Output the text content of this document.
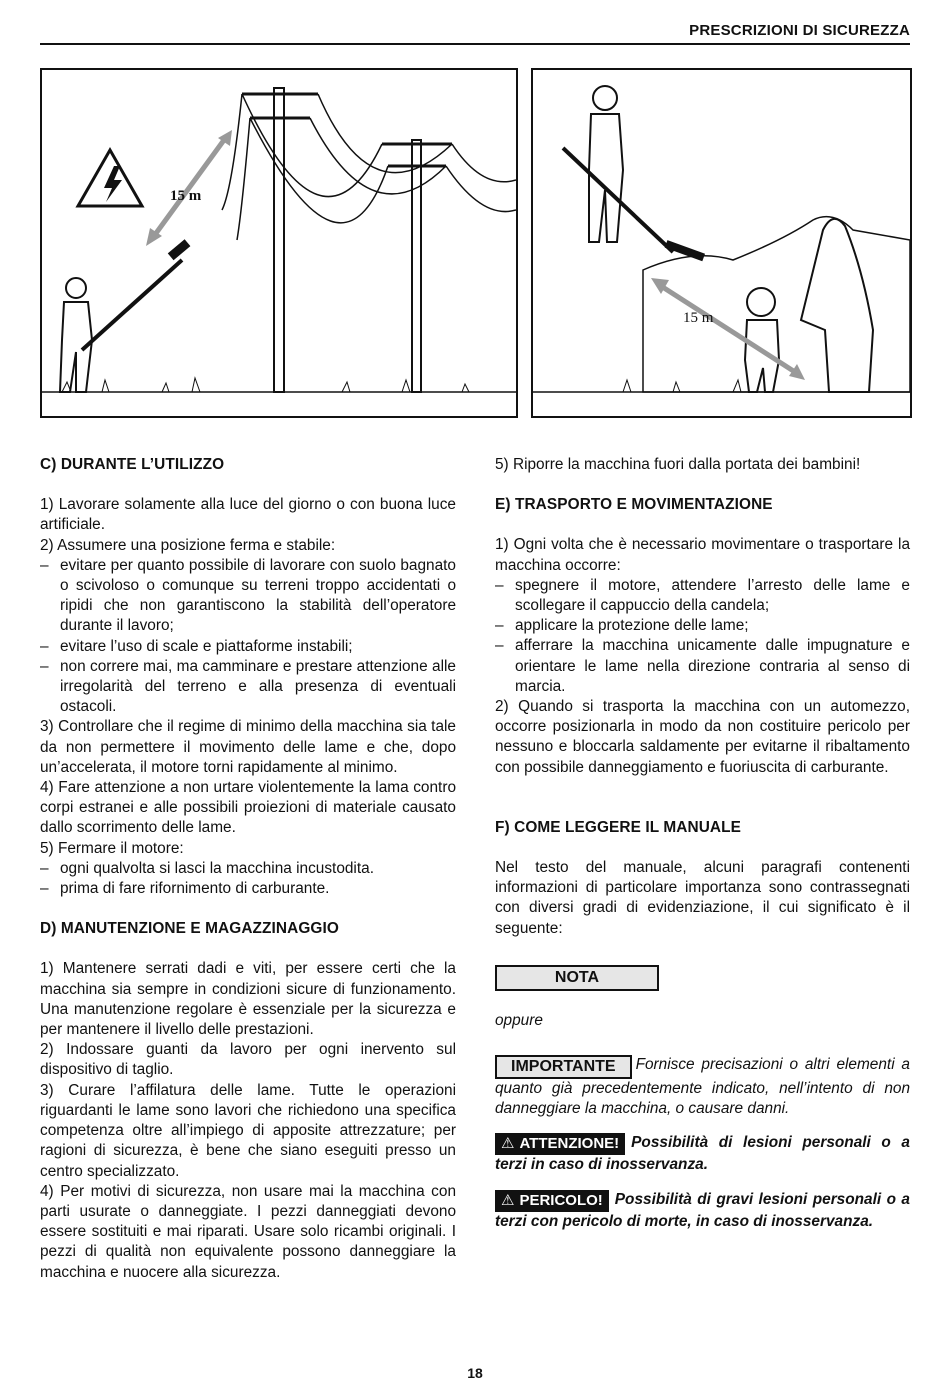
PRESCRIZIONI DI SICUREZZA
15 m
15 m
C) DURANTE L’UTILIZZO

1) Lavorare solamente alla luce del giorno o con buona luce artificiale.

2) Assumere una posizione ferma e stabile:

– evitare per quanto possibile di lavorare con suolo bagnato o scivoloso o comunque su terreni troppo accidentati o ripidi che non garantiscono la stabilità dell’operatore durante il lavoro;
– evitare l’uso di scale e piattaforme instabili;
– non correre mai, ma camminare e prestare attenzione alle irregolarità del terreno e alla presenza di eventuali ostacoli.

3) Controllare che il regime di minimo della macchina sia tale da non permettere il movimento delle lame e che, dopo un’accelerata, il motore torni rapidamente al minimo.

4) Fare attenzione a non urtare violentemente la lama contro corpi estranei e alle possibili proiezioni di materiale causato dallo scorrimento delle lame.

5) Fermare il motore:

– ogni qualvolta si lasci la macchina incustodita.
– prima di fare rifornimento di carburante.
D) MANUTENZIONE E MAGAZZINAGGIO

1) Mantenere serrati dadi e viti, per essere certi che la macchina sia sempre in condizioni sicure di funzionamento. Una manutenzione regolare è essenziale per la sicurezza e per mantenere il livello delle prestazioni.

2) Indossare guanti da lavoro per ogni inervento sul dispositivo di taglio.

3) Curare l’affilatura delle lame. Tutte le operazioni riguardanti le lame sono lavori che richiedono una specifica competenza oltre all’impiego di apposite attrezzature; per ragioni di sicurezza, è bene che siano eseguiti presso un centro specializzato.

4) Per motivi di sicurezza, non usare mai la macchina con parti usurate o danneggiate. I pezzi danneggiati devono essere sostituiti e mai riparati. Usare solo ricambi originali. I pezzi di qualità non equivalente possono danneggiare la macchina e nuocere alla sicurezza.

5) Riporre la macchina fuori dalla portata dei bambini!

E) TRASPORTO E MOVIMENTAZIONE

1) Ogni volta che è necessario movimentare o trasportare la macchina occorre:

– spegnere il motore, attendere l’arresto delle lame e scollegare il cappuccio della candela;
– applicare la protezione delle lame;
– afferrare la macchina unicamente dalle impugnature e orientare le lame nella direzione contraria al senso di marcia.

2) Quando si trasporta la macchina con un automezzo, occorre posizionarla in modo da non costituire pericolo per nessuno e bloccarla saldamente per evitarne il ribaltamento con possibile danneggiamento e fuoriuscita di carburante.

F) COME LEGGERE IL MANUALE

Nel testo del manuale, alcuni paragrafi contenenti informazioni di particolare importanza sono contrassegnati con diversi gradi di evidenziazione, il cui significato è il seguente:

NOTA

oppure

IMPORTANTE Fornisce precisazioni o altri elementi a quanto già precedentemente indicato, nell’intento di non danneggiare la macchina, o causare danni.

⚠ ATTENZIONE! Possibilità di lesioni personali o a terzi in caso di inosservanza.

⚠ PERICOLO! Possibilità di gravi lesioni personali o a terzi con pericolo di morte, in caso di inosservanza.

18
